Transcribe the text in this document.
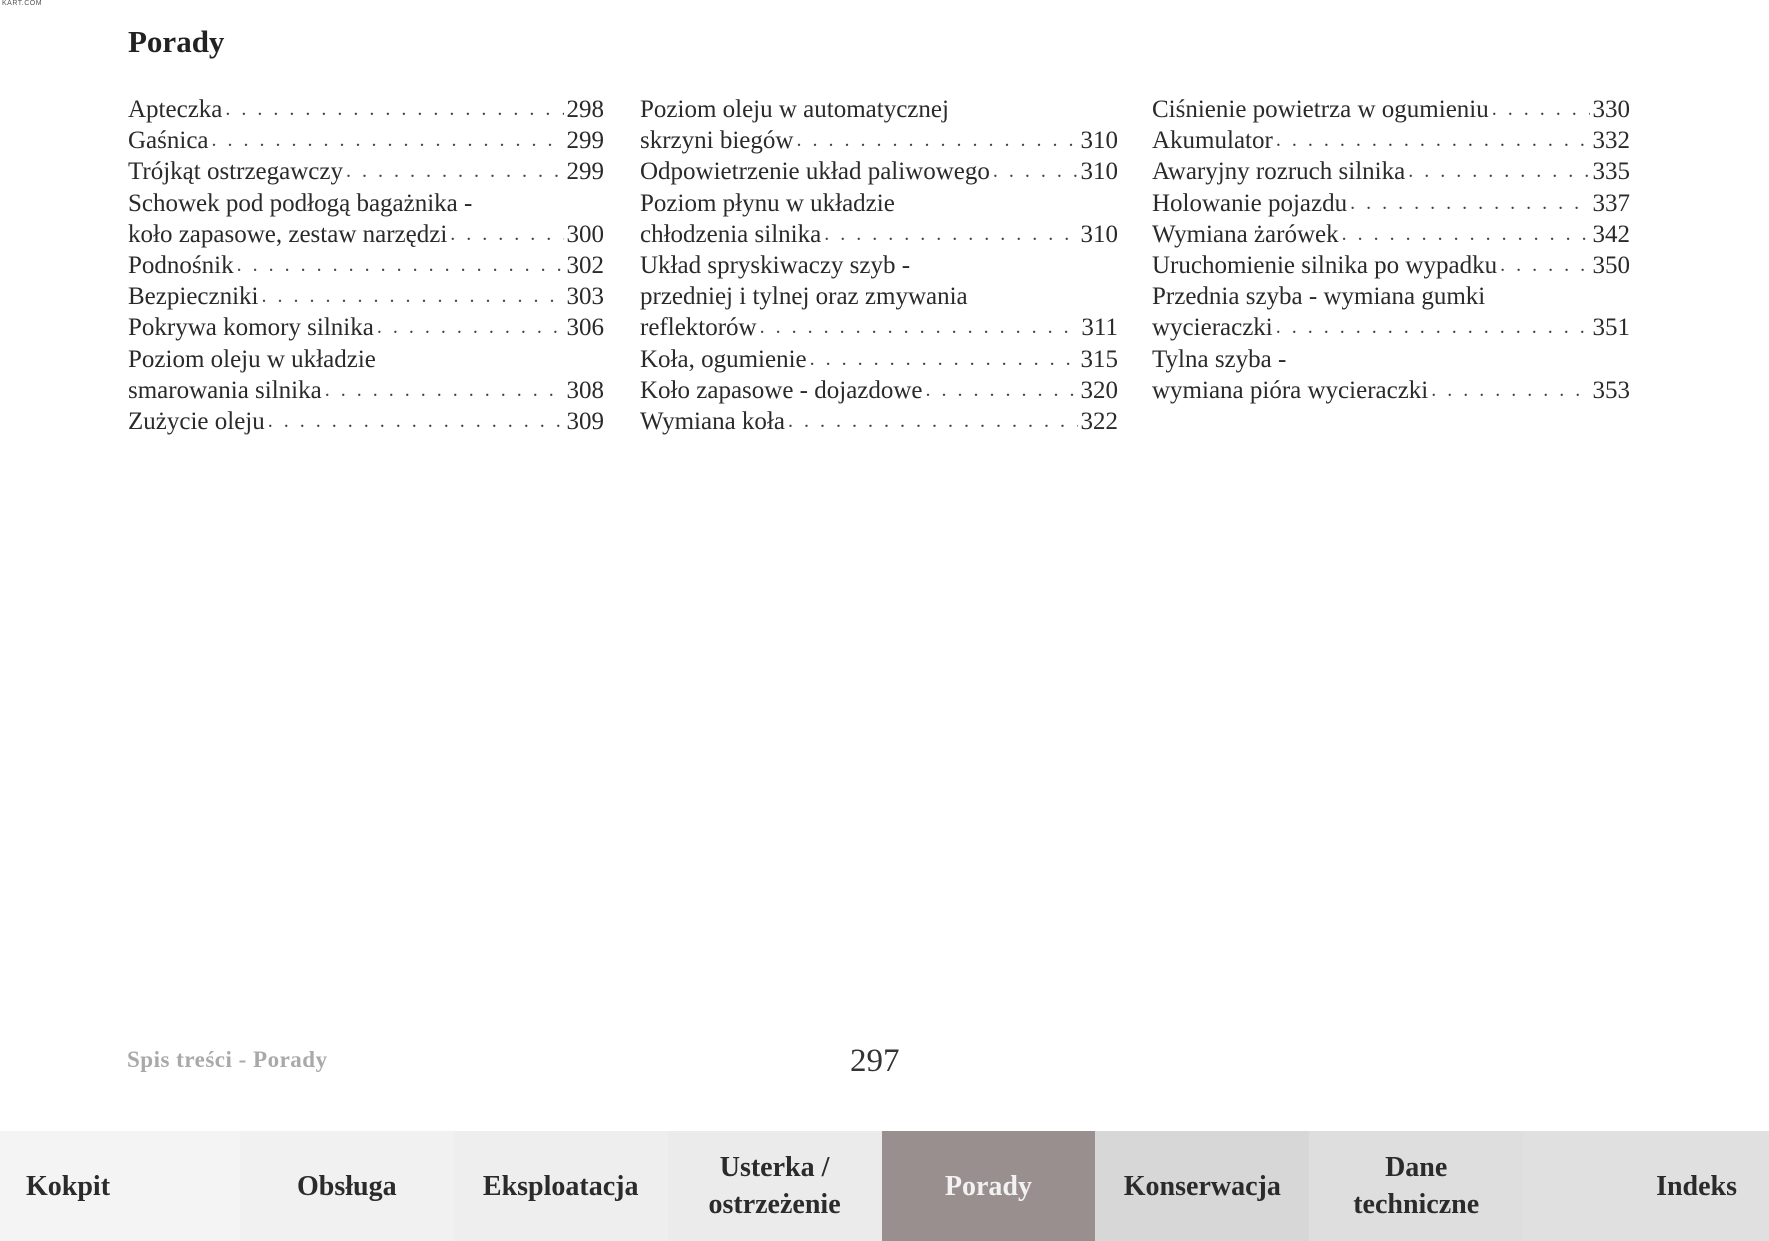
KART.COM
Porady
Apteczka . . .	298
Gaśnica . . .	299
Trójkąt ostrzegawczy . . .	299
Schowek pod podłogą bagażnika -
koło zapasowe, zestaw narzędzi . . .	300
Podnośnik . . .	302
Bezpieczniki . . .	303
Pokrywa komory silnika . . .	306
Poziom oleju w układzie
smarowania silnika . . .	308
Zużycie oleju . . .	309
Poziom oleju w automatycznej
skrzyni biegów . . .	310
Odpowietrzenie układ paliwowego . . .	310
Poziom płynu w układzie
chłodzenia silnika . . .	310
Układ spryskiwaczy szyb -
przedniej i tylnej oraz zmywania
reflektorów . . .	311
Koła, ogumienie . . .	315
Koło zapasowe - dojazdowe . . .	320
Wymiana koła . . .	322
Ciśnienie powietrza w ogumieniu . . .	330
Akumulator . . .	332
Awaryjny rozruch silnika . . .	335
Holowanie pojazdu . . .	337
Wymiana żarówek . . .	342
Uruchomienie silnika po wypadku . . .	350
Przednia szyba - wymiana gumki
wycieraczki . . .	351
Tylna szyba -
wymiana pióra wycieraczki . . .	353
Spis treści - Porady	297
Kokpit	Obsługa	Eksploatacja
Usterka /
ostrzeżenie
Porady	Konserwacja
Dane
techniczne
Indeks
